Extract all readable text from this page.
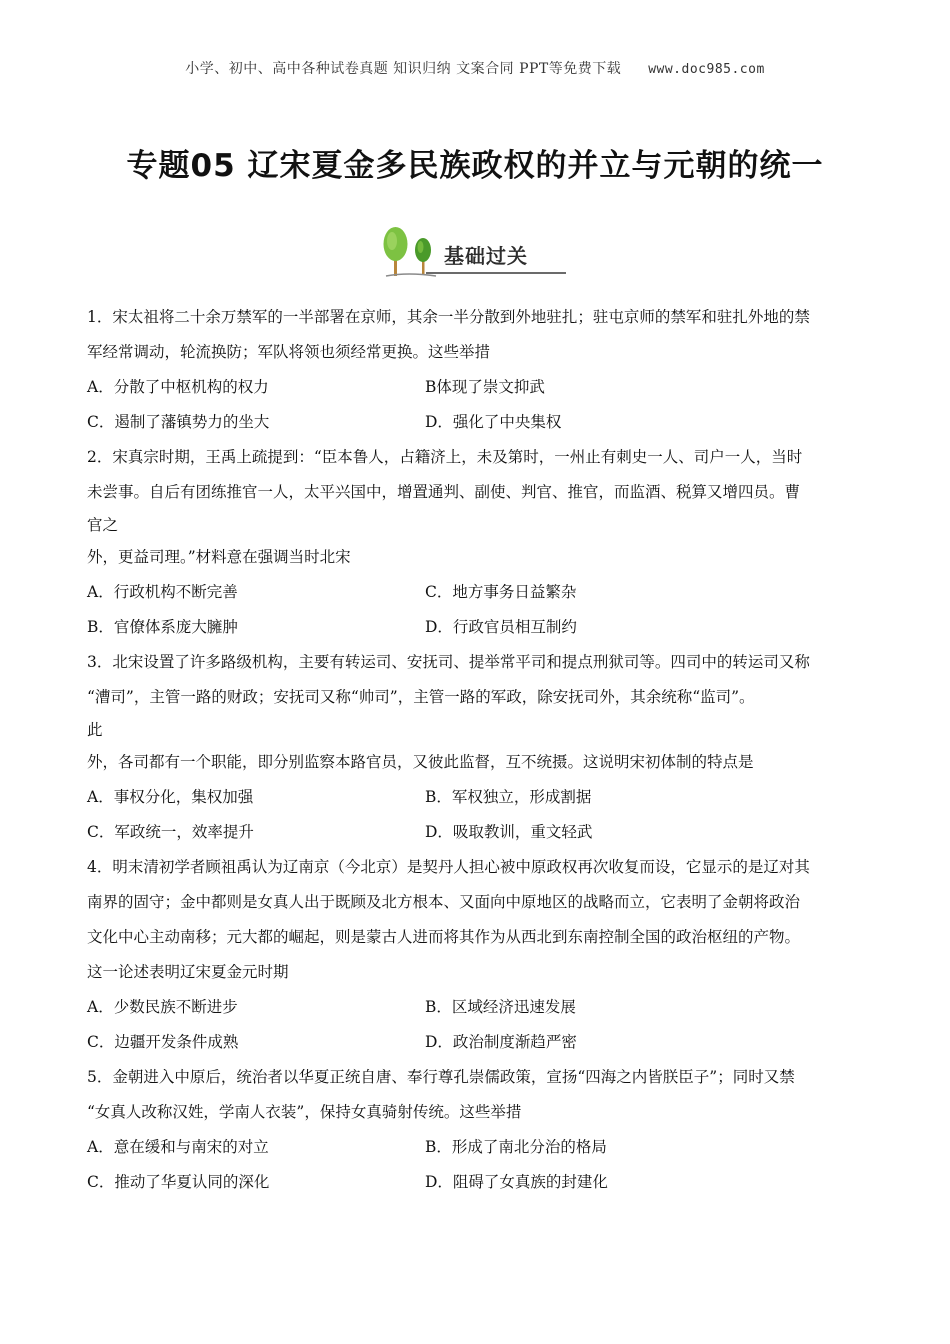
小学、初中、高中各种试卷真题 知识归纳 文案合同 PPT等免费下载 www.doc985.com
专题05 辽宋夏金多民族政权的并立与元朝的统一
基础过关
1．宋太祖将二十余万禁军的一半部署在京师，其余一半分散到外地驻扎；驻屯京师的禁军和驻扎外地的禁
军经常调动，轮流换防；军队将领也须经常更换。这些举措
A．分散了中枢机构的权力	B体现了崇文抑武
C．遏制了藩镇势力的坐大	D．强化了中央集权
2．宋真宗时期，王禹上疏提到：“臣本鲁人，占籍济上，未及第时，一州止有刺史一人、司户一人，当时
未尝事。自后有团练推官一人，太平兴国中，增置通判、副使、判官、推官，而监酒、税算又增四员。曹
官之
外，更益司理。”材料意在强调当时北宋
A．行政机构不断完善	C．地方事务日益繁杂
B．官僚体系庞大臃肿	D．行政官员相互制约
3．北宋设置了许多路级机构，主要有转运司、安抚司、提举常平司和提点刑狱司等。四司中的转运司又称
“漕司”，主管一路的财政；安抚司又称“帅司”，主管一路的军政，除安抚司外，其余统称“监司”。
此
外，各司都有一个职能，即分别监察本路官员，又彼此监督，互不统摄。这说明宋初体制的特点是
A．事权分化，集权加强	B．军权独立，形成割据
C．军政统一，效率提升	D．吸取教训，重文轻武
4．明末清初学者顾祖禹认为辽南京（今北京）是契丹人担心被中原政权再次收复而设，它显示的是辽对其
南界的固守；金中都则是女真人出于既顾及北方根本、又面向中原地区的战略而立，它表明了金朝将政治
文化中心主动南移；元大都的崛起，则是蒙古人进而将其作为从西北到东南控制全国的政治枢纽的产物。
这一论述表明辽宋夏金元时期
A．少数民族不断进步	B．区域经济迅速发展
C．边疆开发条件成熟	D．政治制度渐趋严密
5．金朝进入中原后，统治者以华夏正统自唐、奉行尊孔崇儒政策，宣扬“四海之内皆朕臣子”；同时又禁
“女真人改称汉姓，学南人衣装”，保持女真骑射传统。这些举措
A．意在缓和与南宋的对立	B．形成了南北分治的格局
C．推动了华夏认同的深化	D．阻碍了女真族的封建化
